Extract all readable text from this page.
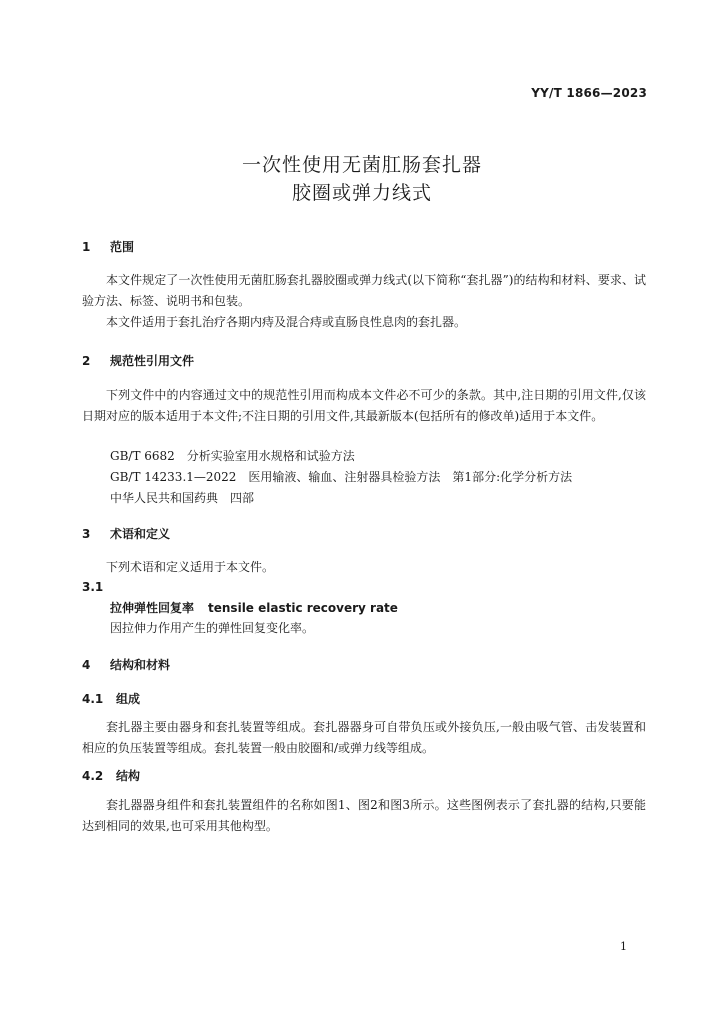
YY/T 1866—2023
一次性使用无菌肛肠套扎器
胶圈或弹力线式
1 范围
本文件规定了一次性使用无菌肛肠套扎器胶圈或弹力线式(以下简称“套扎器”)的结构和材料、要求、试验方法、标签、说明书和包装。
本文件适用于套扎治疗各期内痔及混合痔或直肠良性息肉的套扎器。
2 规范性引用文件
下列文件中的内容通过文中的规范性引用而构成本文件必不可少的条款。其中,注日期的引用文件,仅该日期对应的版本适用于本文件;不注日期的引用文件,其最新版本(包括所有的修改单)适用于本文件。
GB/T 6682　分析实验室用水规格和试验方法
GB/T 14233.1—2022　医用输液、输血、注射器具检验方法　第1部分:化学分析方法
中华人民共和国药典　四部
3 术语和定义
下列术语和定义适用于本文件。
3.1
拉伸弹性回复率 tensile elastic recovery rate
因拉伸力作用产生的弹性回复变化率。
4 结构和材料
4.1 组成
套扎器主要由器身和套扎装置等组成。套扎器器身可自带负压或外接负压,一般由吸气管、击发装置和相应的负压装置等组成。套扎装置一般由胶圈和/或弹力线等组成。
4.2 结构
套扎器器身组件和套扎装置组件的名称如图1、图2和图3所示。这些图例表示了套扎器的结构,只要能达到相同的效果,也可采用其他构型。
1
